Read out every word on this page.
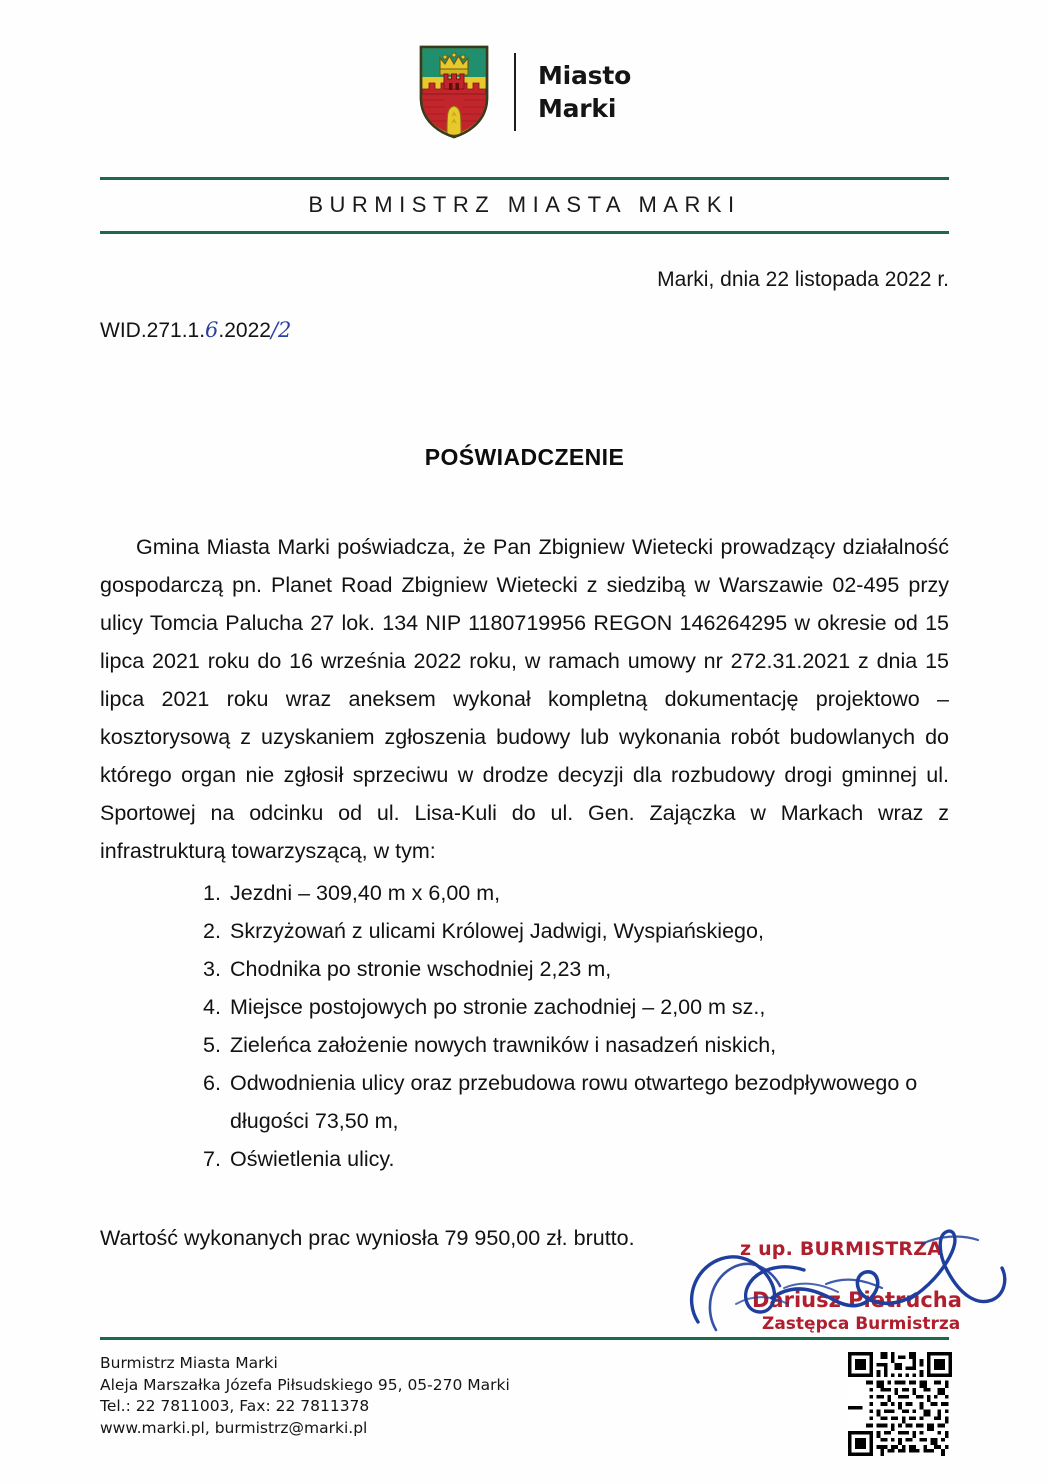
Miasto
Marki
BURMISTRZ MIASTA MARKI
Marki, dnia 22 listopada 2022 r.
WID.271.1.6.2022/2
POŚWIADCZENIE

Gmina Miasta Marki poświadcza, że Pan Zbigniew Wietecki prowadzący działalność gospodarczą pn. Planet Road Zbigniew Wietecki z siedzibą w Warszawie 02-495 przy ulicy Tomcia Palucha 27 lok. 134 NIP 1180719956 REGON 146264295 w okresie od 15 lipca 2021 roku do 16 września 2022 roku, w ramach umowy nr 272.31.2021 z dnia 15 lipca 2021 roku wraz aneksem wykonał kompletną dokumentację projektowo – kosztorysową z uzyskaniem zgłoszenia budowy lub wykonania robót budowlanych do którego organ nie zgłosił sprzeciwu w drodze decyzji dla rozbudowy drogi gminnej ul. Sportowej na odcinku od ul. Lisa-Kuli do ul. Gen. Zajączka w Markach wraz z infrastrukturą towarzyszącą, w tym:

Jezdni – 309,40 m x 6,00 m,
Skrzyżowań z ulicami Królowej Jadwigi, Wyspiańskiego,
Chodnika po stronie wschodniej 2,23 m,
Miejsce postojowych po stronie zachodniej – 2,00 m sz.,
Zieleńca założenie nowych trawników i nasadzeń niskich,
Odwodnienia ulicy oraz przebudowa rowu otwartego bezodpływowego o długości 73,50 m,
Oświetlenia ulicy.
Wartość wykonanych prac wyniosła 79 950,00 zł. brutto.	z up. BURMISTRZA
Dariusz Pietrucha
Zastępca Burmistrza
Burmistrz Miasta Marki
Aleja Marszałka Józefa Piłsudskiego 95, 05-270 Marki
Tel.: 22 7811003, Fax: 22 7811378
www.marki.pl, burmistrz@marki.pl
